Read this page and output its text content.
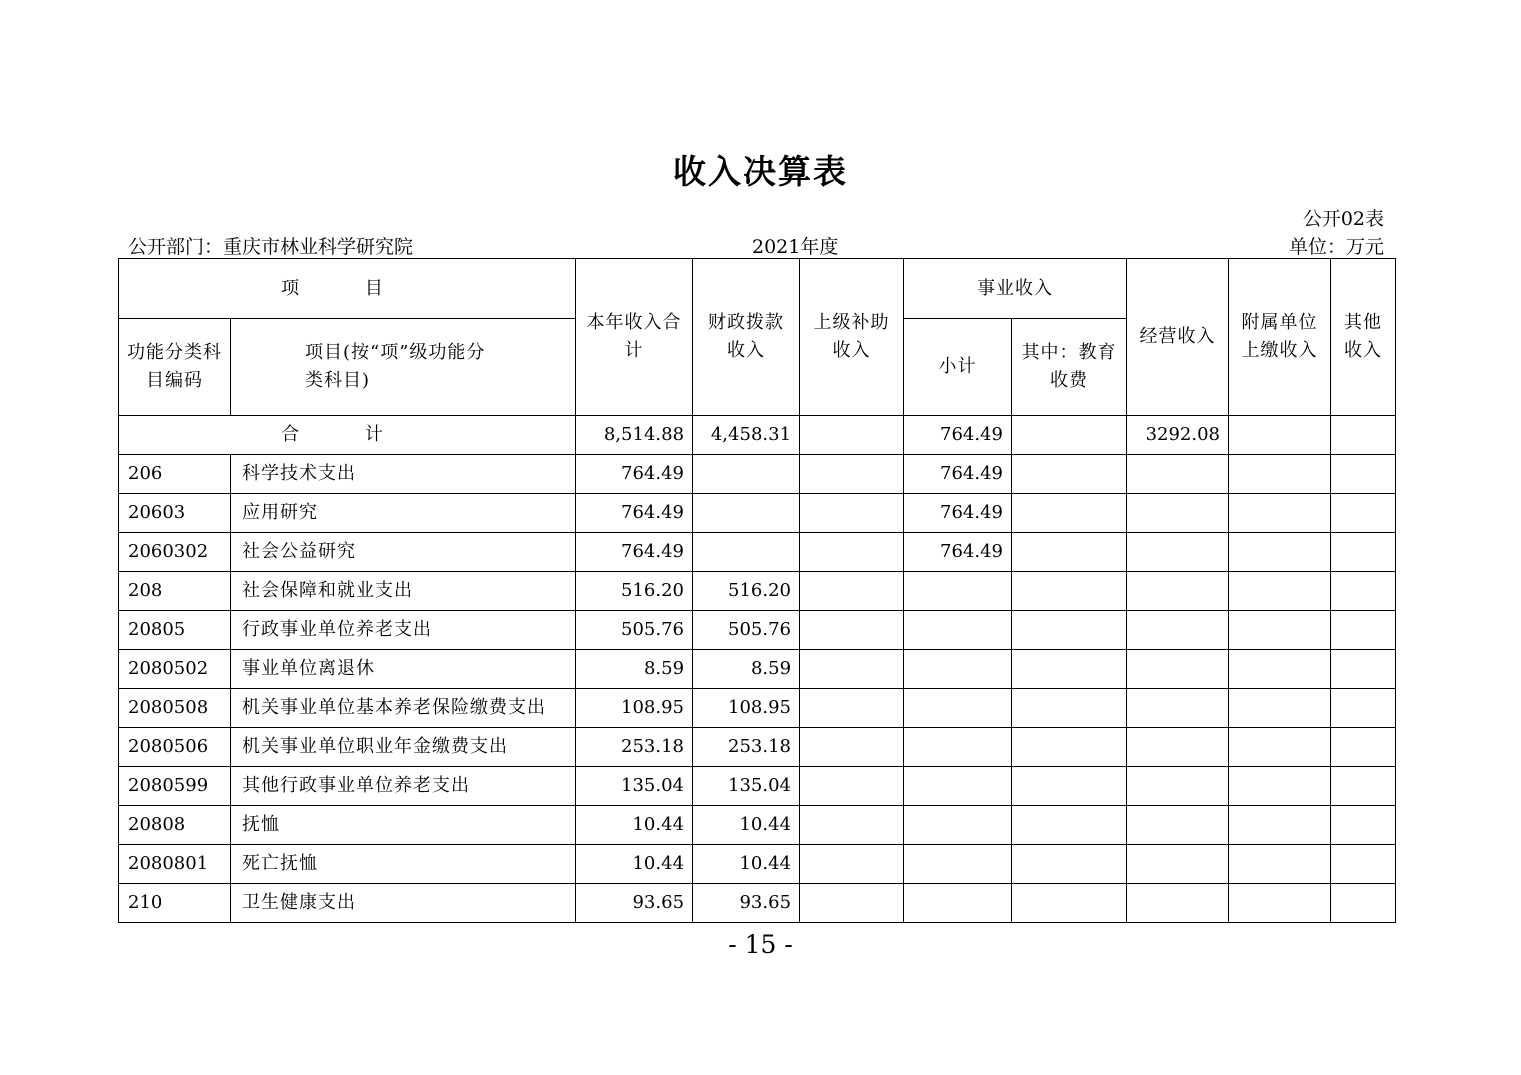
收入决算表
公开02表
公开部门：重庆市林业科学研究院	2021年度	单位：万元
项 目		本年收入合计	财政拨款收入	上级补助收入	事业收入		经营收入	附属单位上缴收入	其他收入
功能分类科目编码	项目(按“项”级功能分类科目)				小计	其中：教育收费			

合 计		8,514.88	4,458.31		764.49		3292.08		
206	科学技术支出	764.49			764.49				
20603	应用研究	764.49			764.49				
2060302	社会公益研究	764.49			764.49				
208	社会保障和就业支出	516.20	516.20						
20805	行政事业单位养老支出	505.76	505.76						
2080502	事业单位离退休	8.59	8.59						
2080508	机关事业单位基本养老保险缴费支出	108.95	108.95						
2080506	机关事业单位职业年金缴费支出	253.18	253.18						
2080599	其他行政事业单位养老支出	135.04	135.04						
20808	抚恤	10.44	10.44						
2080801	死亡抚恤	10.44	10.44						
210	卫生健康支出	93.65	93.65						
- 15 -
